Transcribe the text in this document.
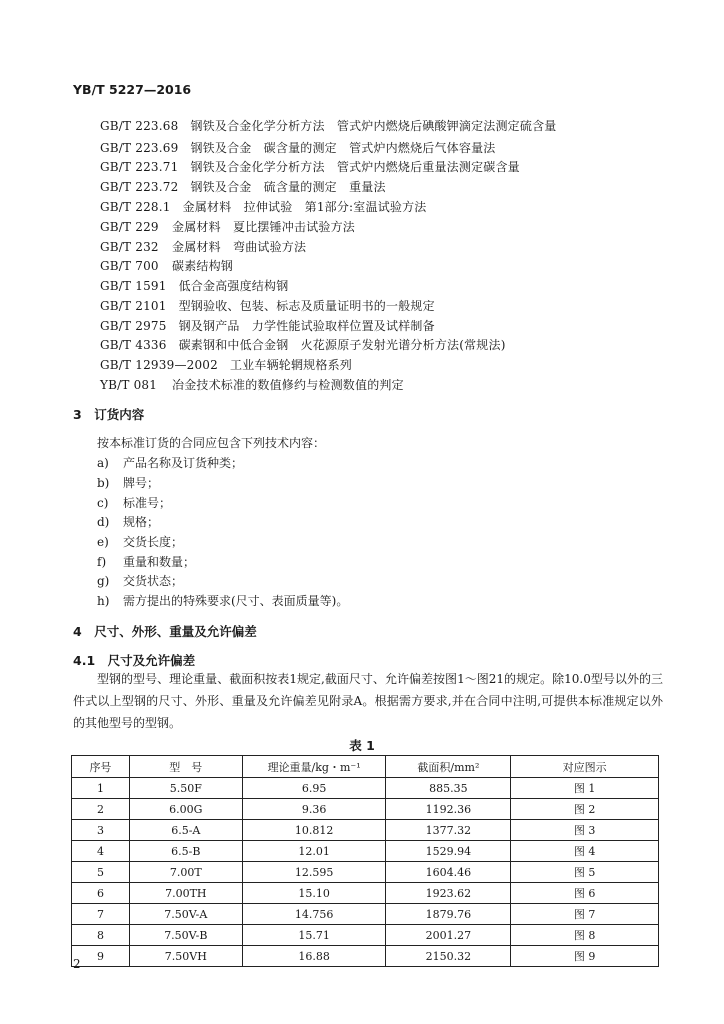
YB/T 5227—2016
GB/T 223.68 钢铁及合金化学分析方法　管式炉内燃烧后碘酸钾滴定法测定硫含量
GB/T 223.69 钢铁及合金　碳含量的测定　管式炉内燃烧后气体容量法
GB/T 223.71 钢铁及合金化学分析方法　管式炉内燃烧后重量法测定碳含量
GB/T 223.72 钢铁及合金　硫含量的测定　重量法
GB/T 228.1 金属材料　拉伸试验　第1部分:室温试验方法
GB/T 229 金属材料　夏比摆锤冲击试验方法
GB/T 232 金属材料　弯曲试验方法
GB/T 700 碳素结构钢
GB/T 1591 低合金高强度结构钢
GB/T 2101 型钢验收、包装、标志及质量证明书的一般规定
GB/T 2975 钢及钢产品　力学性能试验取样位置及试样制备
GB/T 4336 碳素钢和中低合金钢　火花源原子发射光谱分析方法(常规法)
GB/T 12939—2002 工业车辆轮辋规格系列
YB/T 081 冶金技术标准的数值修约与检测数值的判定
3　订货内容
按本标准订货的合同应包含下列技术内容：
a) 产品名称及订货种类；
b) 牌号；
c) 标准号；
d) 规格；
e) 交货长度；
f) 重量和数量；
g) 交货状态；
h) 需方提出的特殊要求(尺寸、表面质量等)。
4　尺寸、外形、重量及允许偏差
4.1　尺寸及允许偏差
型钢的型号、理论重量、截面积按表1规定,截面尺寸、允许偏差按图1～图21的规定。除10.0型号以外的三件式以上型钢的尺寸、外形、重量及允许偏差见附录A。根据需方要求,并在合同中注明,可提供本标准规定以外的其他型号的型钢。
表 1
序号	型　号	理论重量/kg・m⁻¹	截面积/mm²	对应图示
1	5.50F	6.95	885.35	图 1
2	6.00G	9.36	1192.36	图 2
3	6.5-A	10.812	1377.32	图 3
4	6.5-B	12.01	1529.94	图 4
5	7.00T	12.595	1604.46	图 5
6	7.00TH	15.10	1923.62	图 6
7	7.50V-A	14.756	1879.76	图 7
8	7.50V-B	15.71	2001.27	图 8
9	7.50VH	16.88	2150.32	图 9
2
